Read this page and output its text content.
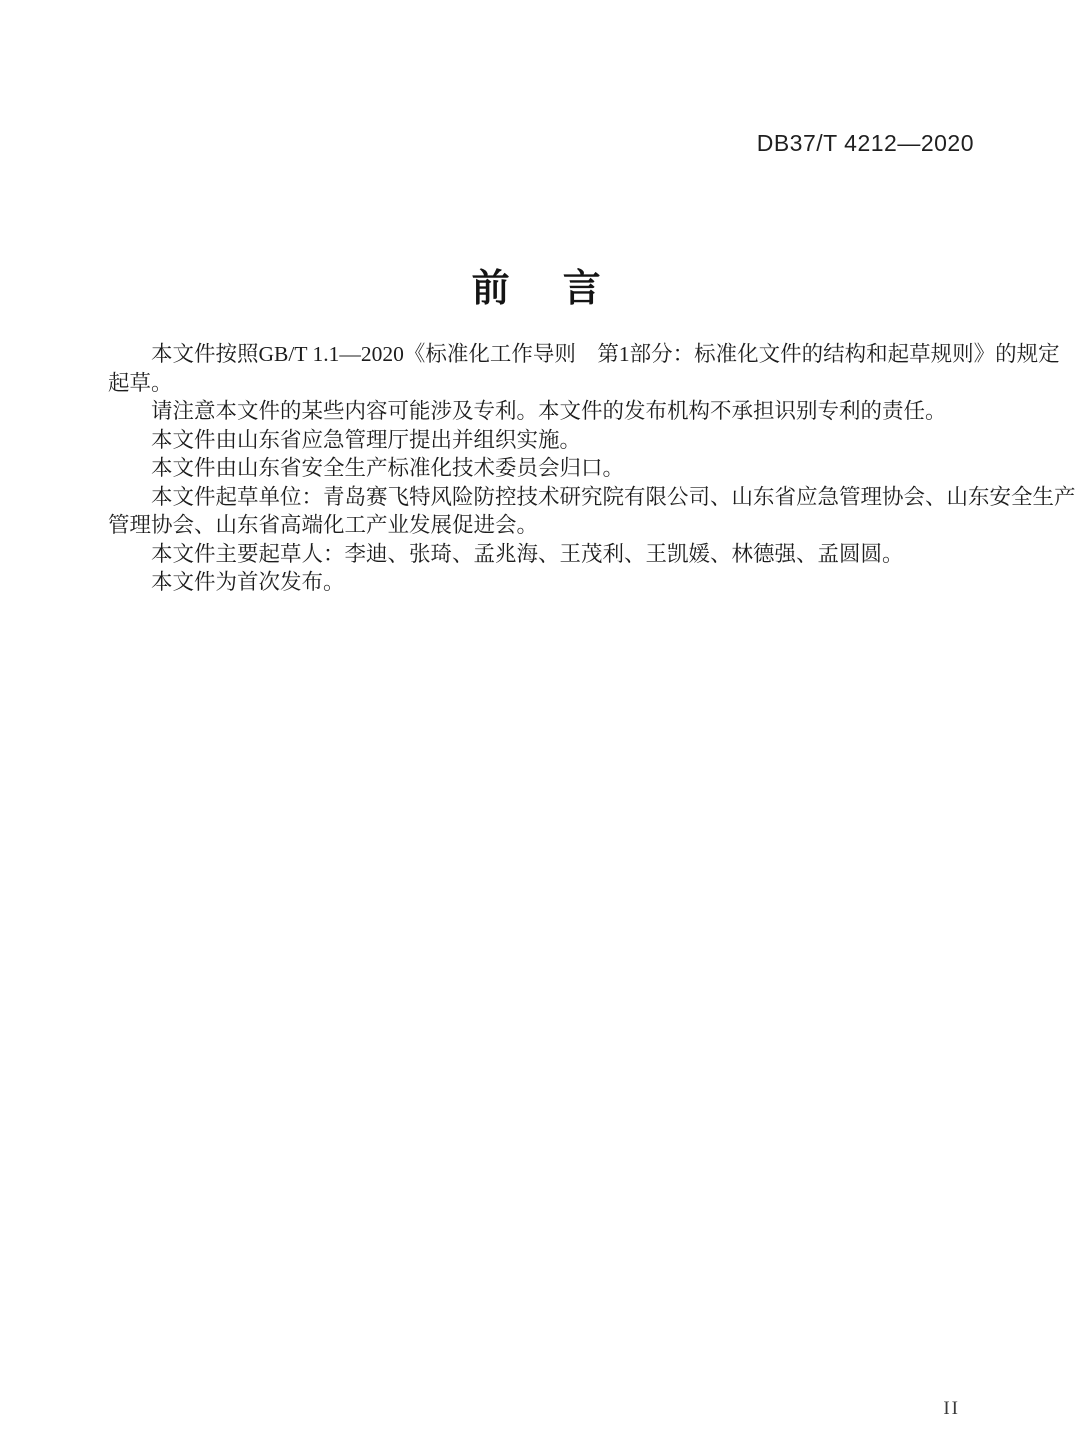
DB37/T 4212—2020
前　言
本文件按照GB/T 1.1—2020《标准化工作导则　第1部分：标准化文件的结构和起草规则》的规定
起草。
请注意本文件的某些内容可能涉及专利。本文件的发布机构不承担识别专利的责任。
本文件由山东省应急管理厅提出并组织实施。
本文件由山东省安全生产标准化技术委员会归口。
本文件起草单位：青岛赛飞特风险防控技术研究院有限公司、山东省应急管理协会、山东安全生产
管理协会、山东省高端化工产业发展促进会。
本文件主要起草人：李迪、张琦、孟兆海、王茂利、王凯媛、林德强、孟圆圆。
本文件为首次发布。
II
